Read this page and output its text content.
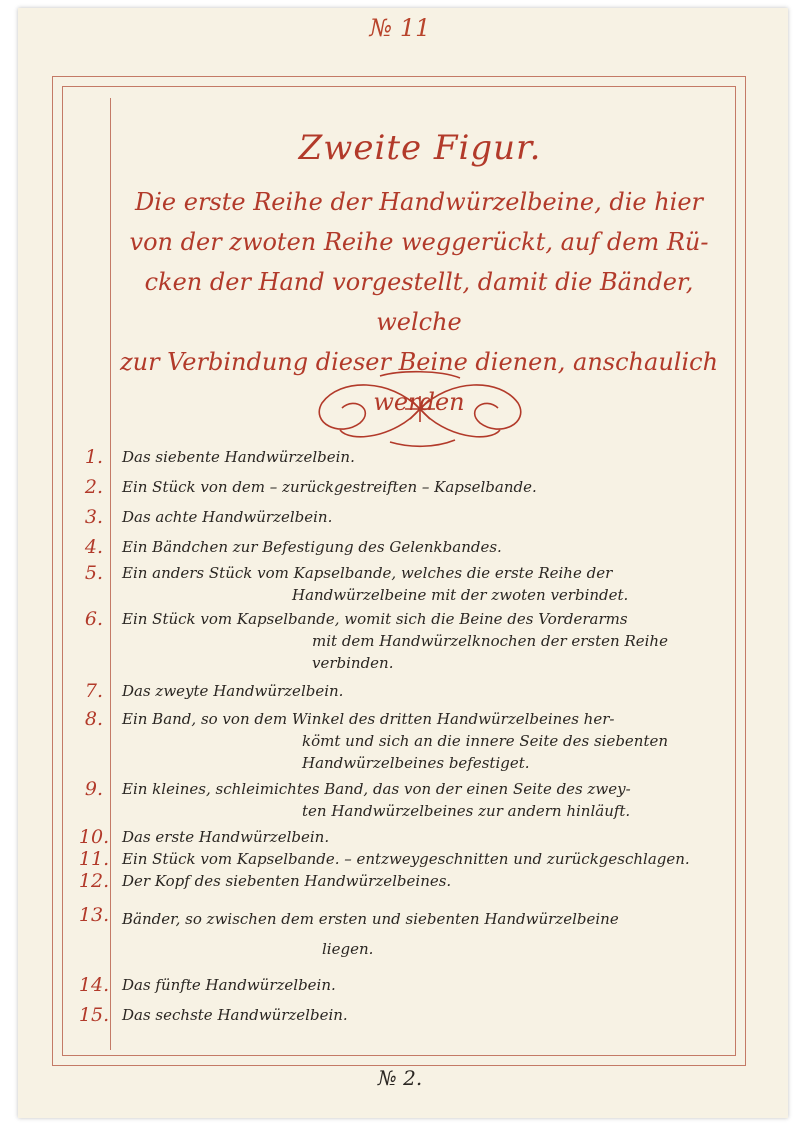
№ 11
Zweite Figur.
Die erste Reihe der Handwürzelbeine, die hier
von der zwoten Reihe weggerückt, auf dem Rü-
cken der Hand vorgestellt, damit die Bänder, welche
zur Verbindung dieser Beine dienen, anschaulich
werden
1.	Das siebente Handwürzelbein.
2.	Ein Stück von dem – zurückgestreiften – Kapselbande.
3.	Das achte Handwürzelbein.
4.	Ein Bändchen zur Befestigung des Gelenkbandes.
5.	Ein anders Stück vom Kapselbande, welches die erste Reihe der
Handwürzelbeine mit der zwoten verbindet.
6.	Ein Stück vom Kapselbande, womit sich die Beine des Vorderarms
mit dem Handwürzelknochen der ersten Reihe verbinden.
7.	Das zweyte Handwürzelbein.
8.	Ein Band, so von dem Winkel des dritten Handwürzelbeines her-
kömt und sich an die innere Seite des siebenten
Handwürzelbeines befestiget.
9.	Ein kleines, schleimichtes Band, das von der einen Seite des zwey-
ten Handwürzelbeines zur andern hinläuft.
10. Das erste Handwürzelbein.
11. Ein Stück vom Kapselbande. – entzweygeschnitten und zurückgeschlagen.
12. Der Kopf des siebenten Handwürzelbeines.
13. Bänder, so zwischen dem ersten und siebenten Handwürzelbeine
liegen.
14. Das fünfte Handwürzelbein.
15. Das sechste Handwürzelbein.
№ 2.
